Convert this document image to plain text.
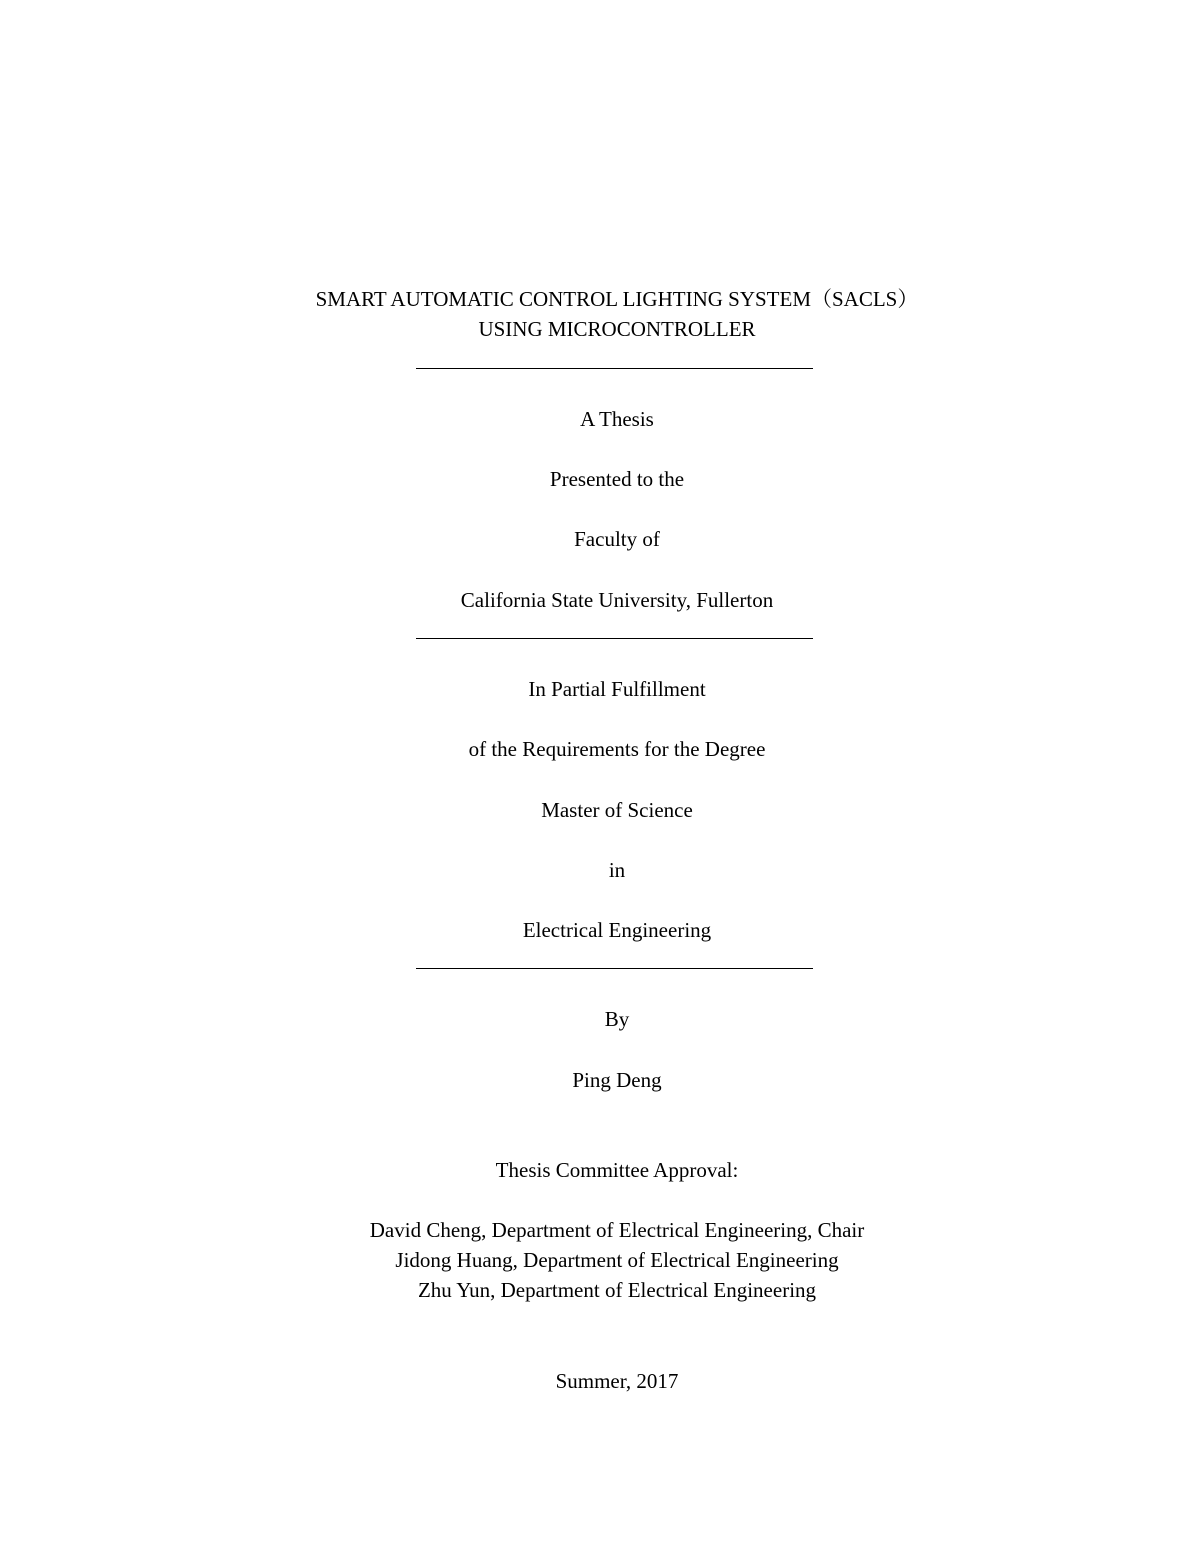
SMART AUTOMATIC CONTROL LIGHTING SYSTEM（SACLS）
USING MICROCONTROLLER
A Thesis
Presented to the
Faculty of
California State University, Fullerton
In Partial Fulfillment
of the Requirements for the Degree
Master of Science
in
Electrical Engineering
By
Ping Deng
Thesis Committee Approval:
David Cheng, Department of Electrical Engineering, Chair
Jidong Huang, Department of Electrical Engineering
Zhu Yun, Department of Electrical Engineering
Summer, 2017
